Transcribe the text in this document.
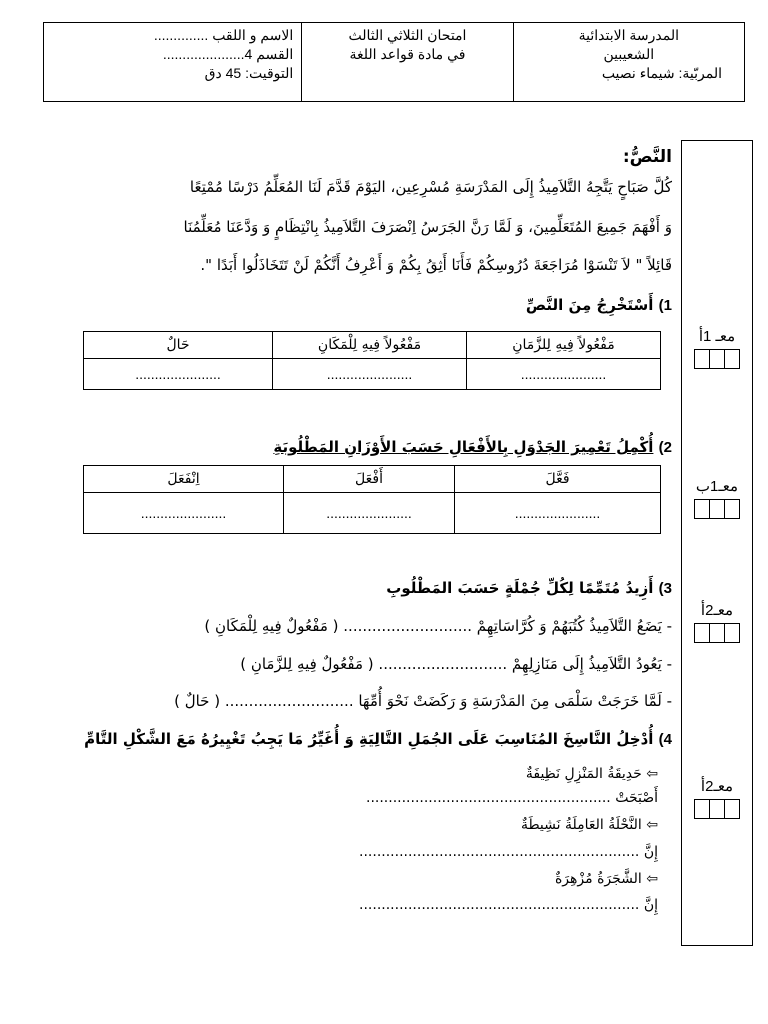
المدرسة الابتدائية
الشعيبين
المربّية: شيماء نصيب
امتحان الثلاثي الثالث
في مادة قواعد اللغة
الاسم و اللقب ..............
القسم 4.....................
التوقيت: 45 دق
معـ 1أ
معـ1ب
معـ2أ
معـ2أ
النَّصُّ:
كُلَّ صَبَاحٍ يَتَّجِهُ التَّلاَمِيذُ إِلَى المَدْرَسَةِ مُسْرِعِين، اليَوْمَ قَدَّمَ لَنَا المُعَلِّمُ دَرْسًا مُمْتِعًا
وَ أَفْهَمَ جَمِيعَ المُتَعَلِّمِينَ، وَ لَمَّا رَنَّ الجَرَسُ اِنْصَرَفَ التَّلاَمِيذُ بِانْتِظَامٍ وَ وَدَّعَنَا مُعَلِّمُنَا
قَائِلاً " لاَ تَنْسَوْا مُرَاجَعَةَ دُرُوسِكُمْ فَأَنَا أَثِقُ بِكُمْ وَ أَعْرِفُ أَنَّكُمْ لَنْ تَتَخَاذَلُوا أَبَدًا ".
1) أَسْتَخْرِجُ مِنَ النَّصِّ
مَفْعُولاً فِيهِ لِلزَّمَانِ	مَفْعُولاً فِيهِ لِلْمَكَانِ	حَالٌ
......................	......................	......................
2) أُكْمِلُ تَعْمِيرَ الجَدْوَلِ بِالأَفْعَالِ حَسَبَ الأَوْزَانِ المَطْلُوبَةِ
فَعَّلَ	أَفْعَلَ	اِنْفَعَلَ
......................	......................	......................
3) أَزِيدُ مُتَمِّمًا لِكُلِّ جُمْلَةٍ حَسَبَ المَطْلُوبِ
- يَضَعُ التَّلاَمِيذُ كُتُبَهُمْ وَ كُرَّاسَاتِهِمْ ........................... ( مَفْعُولٌ فِيهِ لِلْمَكَانِ )
- يَعُودُ التَّلاَمِيذُ إِلَى مَنَازِلِهِمْ ........................... ( مَفْعُولٌ فِيهِ لِلزَّمَانِ )
- لَمَّا خَرَجَتْ سَلْمَى مِنَ المَدْرَسَةِ وَ رَكَضَتْ نَحْوَ أُمِّهَا ........................... ( حَالٌ )
4) أُدْخِلُ النَّاسِخَ المُنَاسِبَ عَلَى الجُمَلِ التَّالِيَةِ وَ أُغَيِّرُ مَا يَجِبُ تَغْيِيرُهُ مَعَ الشَّكْلِ التَّامِّ
⇦ حَدِيقَةُ المَنْزِلِ نَظِيفَةٌ
أَصْبَحَتْ .......................................................
⇦ النَّحْلَةُ العَامِلَةُ نَشِيطَةٌ
إِنَّ ...............................................................
⇦ الشَّجَرَةُ مُزْهِرَةٌ
إِنَّ ...............................................................
